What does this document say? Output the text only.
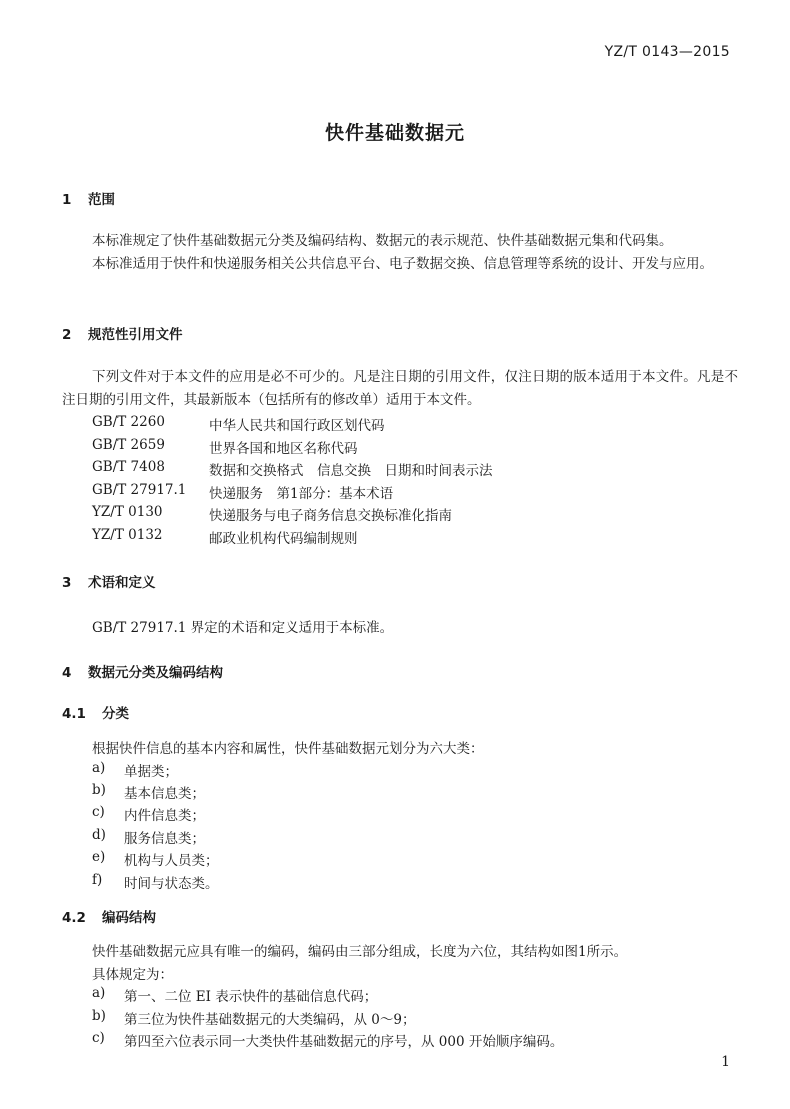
YZ/T 0143—2015
快件基础数据元
1 范围
本标准规定了快件基础数据元分类及编码结构、数据元的表示规范、快件基础数据元集和代码集。
本标准适用于快件和快递服务相关公共信息平台、电子数据交换、信息管理等系统的设计、开发与应用。
2 规范性引用文件
下列文件对于本文件的应用是必不可少的。凡是注日期的引用文件，仅注日期的版本适用于本文件。凡是不注日期的引用文件，其最新版本（包括所有的修改单）适用于本文件。
GB/T 2260	中华人民共和国行政区划代码
GB/T 2659	世界各国和地区名称代码
GB/T 7408	数据和交换格式　信息交换　日期和时间表示法
GB/T 27917.1 快递服务　第1部分：基本术语
YZ/T 0130	快递服务与电子商务信息交换标准化指南
YZ/T 0132	邮政业机构代码编制规则
3 术语和定义
GB/T 27917.1 界定的术语和定义适用于本标准。
4 数据元分类及编码结构
4.1 分类
根据快件信息的基本内容和属性，快件基础数据元划分为六大类：
a) 单据类；
b) 基本信息类；
c) 内件信息类；
d) 服务信息类；
e) 机构与人员类；
f) 时间与状态类。
4.2 编码结构
快件基础数据元应具有唯一的编码，编码由三部分组成，长度为六位，其结构如图1所示。
具体规定为：
a) 第一、二位 EI 表示快件的基础信息代码；
b) 第三位为快件基础数据元的大类编码，从 0～9；
c) 第四至六位表示同一大类快件基础数据元的序号，从 000 开始顺序编码。
1
